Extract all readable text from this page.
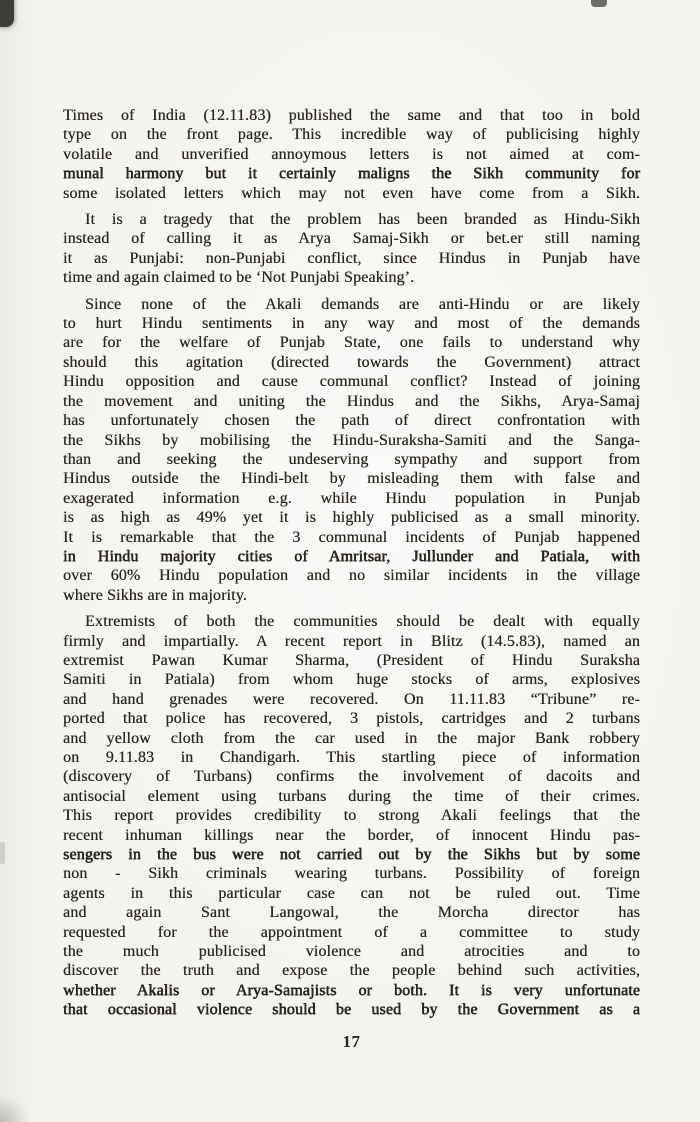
Times of India (12.11.83) published the same and that too in bold
type on the front page. This incredible way of publicising highly
volatile and unverified annoymous letters is not aimed at com-
munal harmony but it certainly maligns the Sikh community for
some isolated letters which may not even have come from a Sikh.
It is a tragedy that the problem has been branded as Hindu-Sikh
instead of calling it as Arya Samaj-Sikh or bet.er still naming
it as Punjabi: non-Punjabi conflict, since Hindus in Punjab have
time and again claimed to be ‘Not Punjabi Speaking’.
Since none of the Akali demands are anti-Hindu or are likely
to hurt Hindu sentiments in any way and most of the demands
are for the welfare of Punjab State, one fails to understand why
should this agitation (directed towards the Government) attract
Hindu opposition and cause communal conflict? Instead of joining
the movement and uniting the Hindus and the Sikhs, Arya-Samaj
has unfortunately chosen the path of direct confrontation with
the Sikhs by mobilising the Hindu-Suraksha-Samiti and the Sanga-
than and seeking the undeserving sympathy and support from
Hindus outside the Hindi-belt by misleading them with false and
exagerated information e.g. while Hindu population in Punjab
is as high as 49% yet it is highly publicised as a small minority.
It is remarkable that the 3 communal incidents of Punjab happened
in Hindu majority cities of Amritsar, Jullunder and Patiala, with
over 60% Hindu population and no similar incidents in the village
where Sikhs are in majority.
Extremists of both the communities should be dealt with equally
firmly and impartially. A recent report in Blitz (14.5.83), named an
extremist Pawan Kumar Sharma, (President of Hindu Suraksha
Samiti in Patiala) from whom huge stocks of arms, explosives
and hand grenades were recovered. On 11.11.83 “Tribune” re-
ported that police has recovered, 3 pistols, cartridges and 2 turbans
and yellow cloth from the car used in the major Bank robbery
on 9.11.83 in Chandigarh. This startling piece of information
(discovery of Turbans) confirms the involvement of dacoits and
antisocial element using turbans during the time of their crimes.
This report provides credibility to strong Akali feelings that the
recent inhuman killings near the border, of innocent Hindu pas-
sengers in the bus were not carried out by the Sikhs but by some
non - Sikh criminals wearing turbans. Possibility of foreign
agents in this particular case can not be ruled out. Time
and again Sant Langowal, the Morcha director has
requested for the appointment of a committee to study
the much publicised violence and atrocities and to
discover the truth and expose the people behind such activities,
whether Akalis or Arya-Samajists or both. It is very unfortunate
that occasional violence should be used by the Government as a
17
